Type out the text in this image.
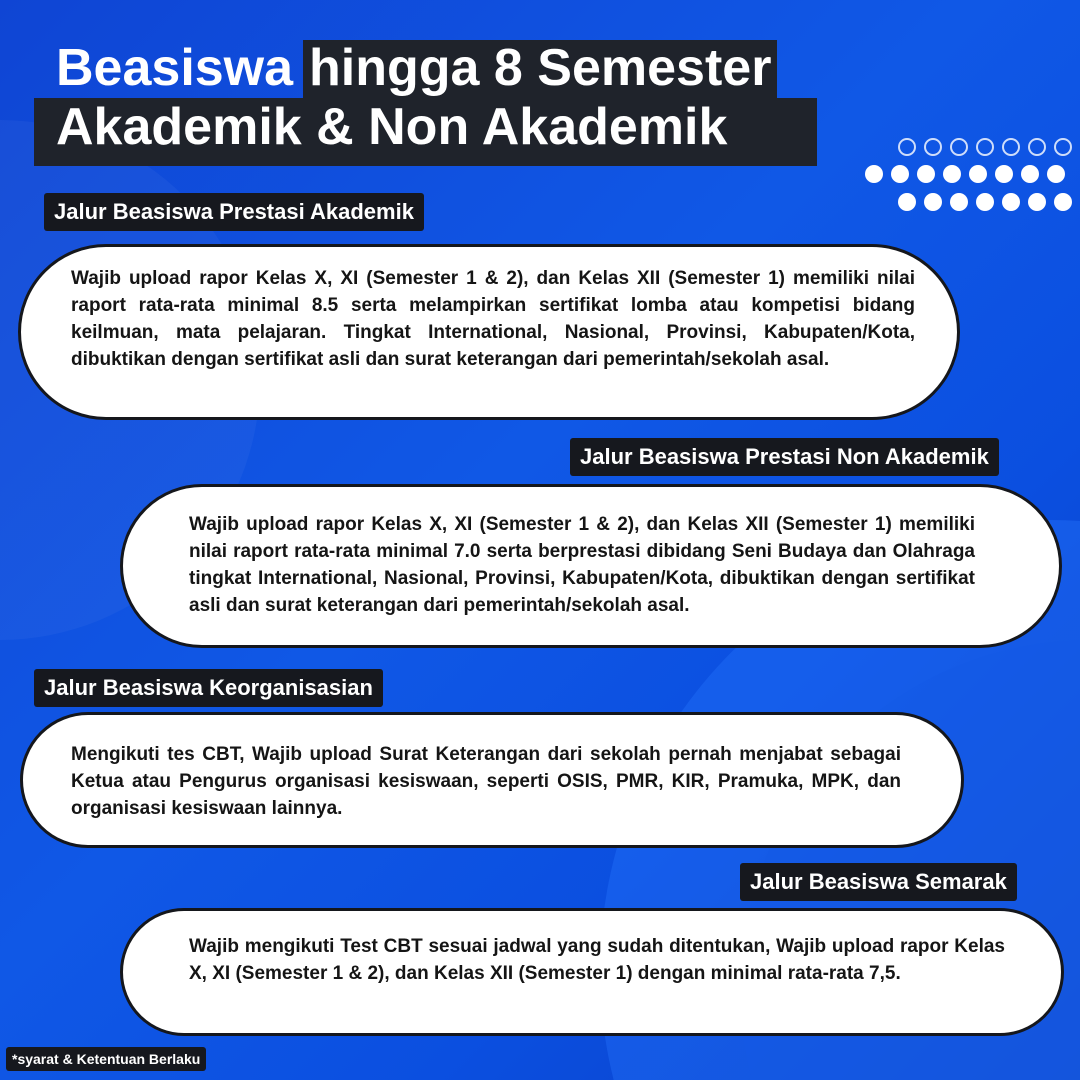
Beasiswa hingga 8 Semester
Akademik & Non Akademik
Jalur Beasiswa Prestasi Akademik

Wajib upload rapor Kelas X, XI (Semester 1 & 2), dan Kelas XII (Semester 1) memiliki nilai raport rata-rata minimal 8.5 serta melampirkan sertifikat lomba atau kompetisi bidang keilmuan, mata pelajaran. Tingkat International, Nasional, Provinsi, Kabupaten/Kota, dibuktikan dengan sertifikat asli dan surat keterangan dari pemerintah/sekolah asal.

Jalur Beasiswa Prestasi Non Akademik

Wajib upload rapor Kelas X, XI (Semester 1 & 2), dan Kelas XII (Semester 1) memiliki nilai raport rata-rata minimal 7.0 serta berprestasi dibidang Seni Budaya dan Olahraga tingkat International, Nasional, Provinsi, Kabupaten/Kota, dibuktikan dengan sertifikat asli dan surat keterangan dari pemerintah/sekolah asal.

Jalur Beasiswa Keorganisasian

Mengikuti tes CBT, Wajib upload Surat Keterangan dari sekolah pernah menjabat sebagai Ketua atau Pengurus organisasi kesiswaan, seperti OSIS, PMR, KIR, Pramuka, MPK, dan organisasi kesiswaan lainnya.

Jalur Beasiswa Semarak

Wajib mengikuti Test CBT sesuai jadwal yang sudah ditentukan, Wajib upload rapor Kelas X, XI (Semester 1 & 2), dan Kelas XII (Semester 1) dengan minimal rata-rata 7,5.

*syarat & Ketentuan Berlaku
